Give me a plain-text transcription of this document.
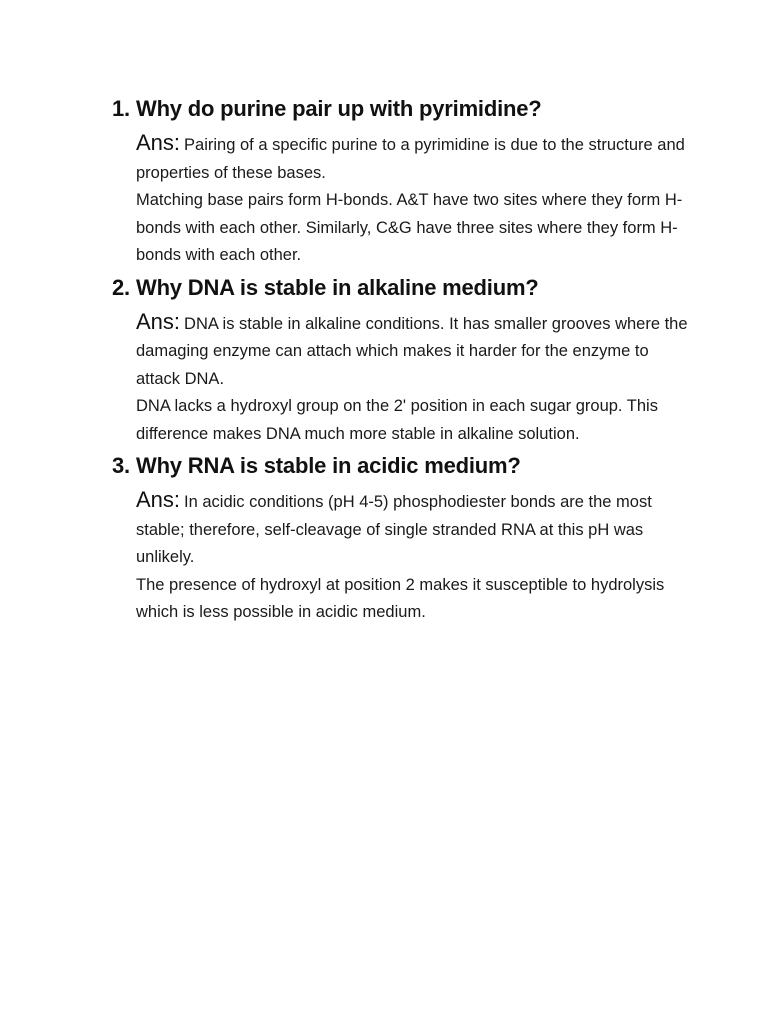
1. Why do purine pair up with pyrimidine?

Ans: Pairing of a specific purine to a pyrimidine is due to the structure and properties of these bases.

Matching base pairs form H-bonds. A&T have two sites where they form H-bonds with each other. Similarly, C&G have three sites where they form H-bonds with each other.

2. Why DNA is stable in alkaline medium?

Ans: DNA is stable in alkaline conditions. It has smaller grooves where the damaging enzyme can attach which makes it harder for the enzyme to attack DNA.

DNA lacks a hydroxyl group on the 2' position in each sugar group. This difference makes DNA much more stable in alkaline solution.

3. Why RNA is stable in acidic medium?

Ans: In acidic conditions (pH 4-5) phosphodiester bonds are the most stable; therefore, self-cleavage of single stranded RNA at this pH was unlikely.

The presence of hydroxyl at position 2 makes it susceptible to hydrolysis which is less possible in acidic medium.
